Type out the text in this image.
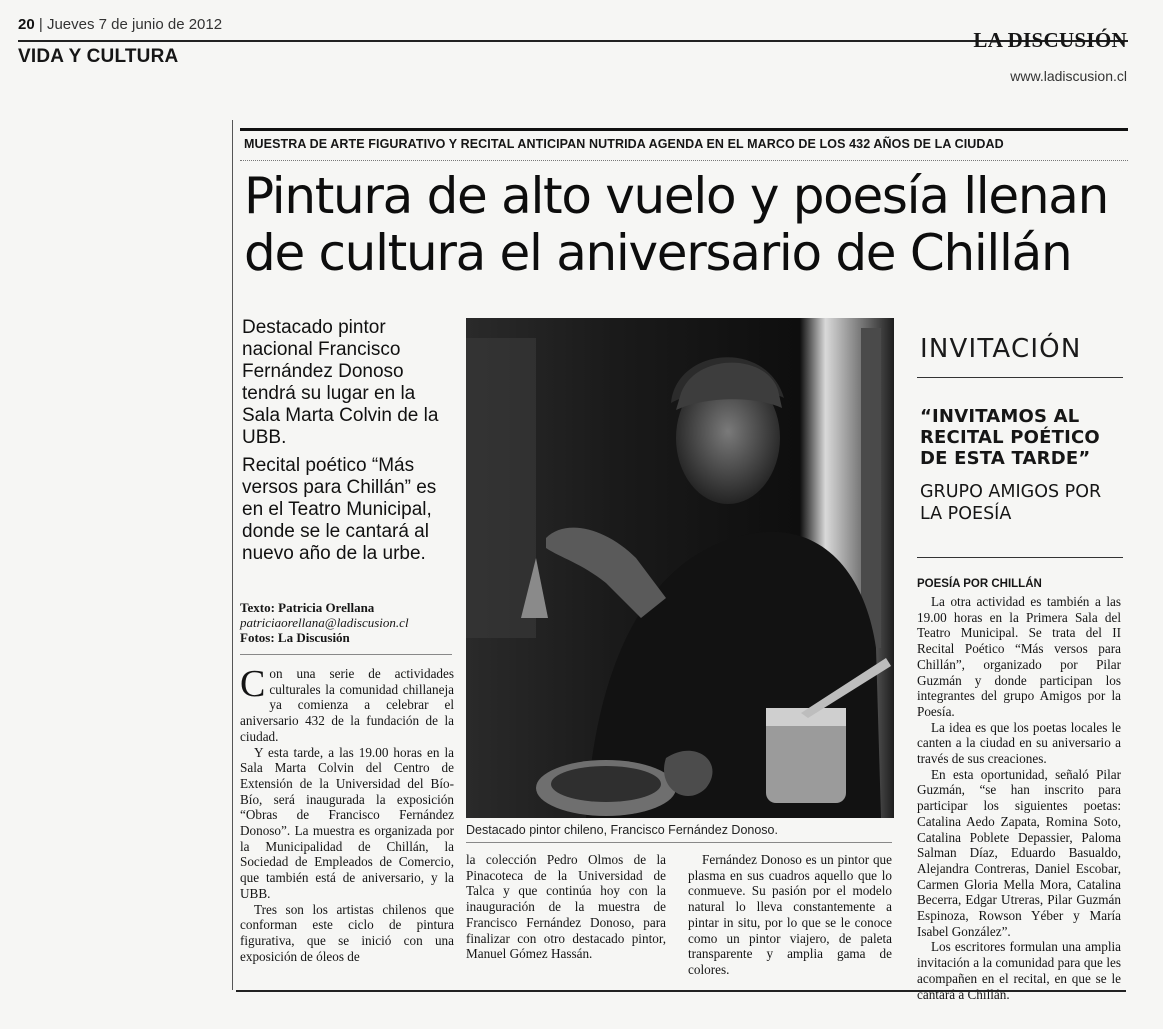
20 | Jueves 7 de junio de 2012
VIDA Y CULTURA
LA DISCUSIÓN
www.ladiscusion.cl
MUESTRA DE ARTE FIGURATIVO Y RECITAL ANTICIPAN NUTRIDA AGENDA EN EL MARCO DE LOS 432 AÑOS DE LA CIUDAD
Pintura de alto vuelo y poesía llenan de cultura el aniversario de Chillán
Destacado pintor nacional Francisco Fernández Donoso tendrá su lugar en la Sala Marta Colvin de la UBB.
Recital poético “Más versos para Chillán” es en el Teatro Municipal, donde se le cantará al nuevo año de la urbe.
Texto: Patricia Orellana
patriciaorellana@ladiscusion.cl
Fotos: La Discusión

Con una serie de actividades culturales la comunidad chillaneja ya comienza a celebrar el aniversario 432 de la fundación de la ciudad.

Y esta tarde, a las 19.00 horas en la Sala Marta Colvin del Centro de Extensión de la Universidad del Bío-Bío, será inaugurada la exposición “Obras de Francisco Fernández Donoso”. La muestra es organizada por la Municipalidad de Chillán, la Sociedad de Empleados de Comercio, que también está de aniversario, y la UBB.

Tres son los artistas chilenos que conforman este ciclo de pintura figurativa, que se inició con una exposición de óleos de

Destacado pintor chileno, Francisco Fernández Donoso.

la colección Pedro Olmos de la Pinacoteca de la Universidad de Talca y que continúa hoy con la inauguración de la muestra de Francisco Fernández Donoso, para finalizar con otro destacado pintor, Manuel Gómez Hassán.

Fernández Donoso es un pintor que plasma en sus cuadros aquello que lo conmueve. Su pasión por el modelo natural lo lleva constantemente a pintar in situ, por lo que se le conoce como un pintor viajero, de paleta transparente y amplia gama de colores.

INVITACIÓN
“INVITAMOS AL RECITAL POÉTICO DE ESTA TARDE”
GRUPO AMIGOS POR LA POESÍA
POESÍA POR CHILLÁN

La otra actividad es también a las 19.00 horas en la Primera Sala del Teatro Municipal. Se trata del II Recital Poético “Más versos para Chillán”, organizado por Pilar Guzmán y donde participan los integrantes del grupo Amigos por la Poesía.

La idea es que los poetas locales le canten a la ciudad en su aniversario a través de sus creaciones.

En esta oportunidad, señaló Pilar Guzmán, “se han inscrito para participar los siguientes poetas: Catalina Aedo Zapata, Romina Soto, Catalina Poblete Depassier, Paloma Salman Díaz, Eduardo Basualdo, Alejandra Contreras, Daniel Escobar, Carmen Gloria Mella Mora, Catalina Becerra, Edgar Utreras, Pilar Guzmán Espinoza, Rowson Yéber y María Isabel González”.

Los escritores formulan una amplia invitación a la comunidad para que les acompañen en el recital, en que se le cantará a Chillán.
